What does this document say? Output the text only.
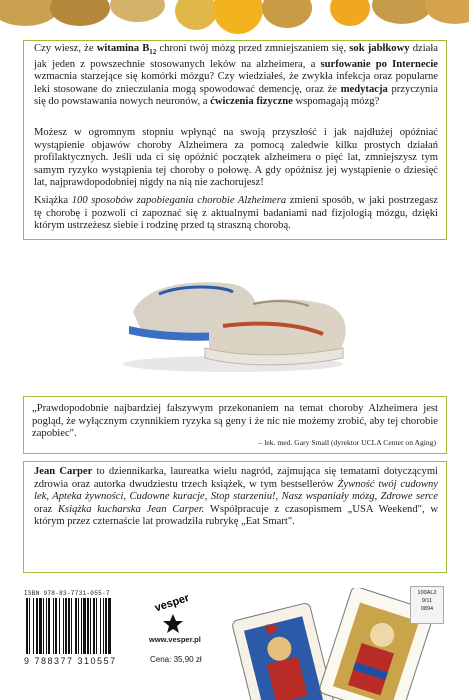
Czy wiesz, że witamina $B_{12}$ chroni twój mózg przed zmniejszaniem się, sok jabłkowy działa jak jeden z powszechnie stosowanych leków na alzheimera, a surfowanie po Internecie wzmacnia starzejące się komórki mózgu? Czy wiedziałeś, że zwykła infekcja oraz popularne leki stosowane do znieczulania mogą spowodować demencję, oraz że medytacja przyczynia się do powstawania nowych neuronów, a ćwiczenia fizyczne wspomagają mózg?

Możesz w ogromnym stopniu wpłynąć na swoją przyszłość i jak najdłużej opóźniać wystąpienie objawów choroby Alzheimera za pomocą zaledwie kilku prostych działań profilaktycznych. Jeśli uda ci się opóźnić początek alzheimera o pięć lat, zmniejszysz tym samym ryzyko wystąpienia tej choroby o połowę. A gdy opóźnisz jej wystąpienie o dziesięć lat, najprawdopodobniej nigdy na nią nie zachorujesz!

Książka 100 sposobów zapobiegania chorobie Alzheimera zmieni sposób, w jaki postrzegasz tę chorobę i pozwoli ci zapoznać się z aktualnymi badaniami nad fizjologią mózgu, dzięki którym ustrzeżesz siebie i rodzinę przed tą straszną chorobą.

„Prawdopodobnie najbardziej fałszywym przekonaniem na temat choroby Alzheimera jest pogląd, że wyłącznym czynnikiem ryzyka są geny i że nic nie możemy zrobić, aby tej chorobie zapobiec".

– lek. med. Gary Small (dyrektor UCLA Center on Aging)

Jean Carper to dziennikarka, laureatka wielu nagród, zajmująca się tematami dotyczącymi zdrowia oraz autorka dwudziestu trzech książek, w tym bestsellerów Żywność twój cudowny lek, Apteka żywności, Cudowne kuracje, Stop starzeniu!, Nasz wspaniały mózg, Zdrowe serce oraz Książka kucharska Jean Carper. Współpracuje z czasopismem „USA Weekend", w którym przez czternaście lat prowadziła rubrykę „Eat Smart".

ISBN 978-83-7731-055-7
9 788377 310557
vesper
www.vesper.pl
Cena: 35,90 zł
♥
100AL2
9/11
0894
